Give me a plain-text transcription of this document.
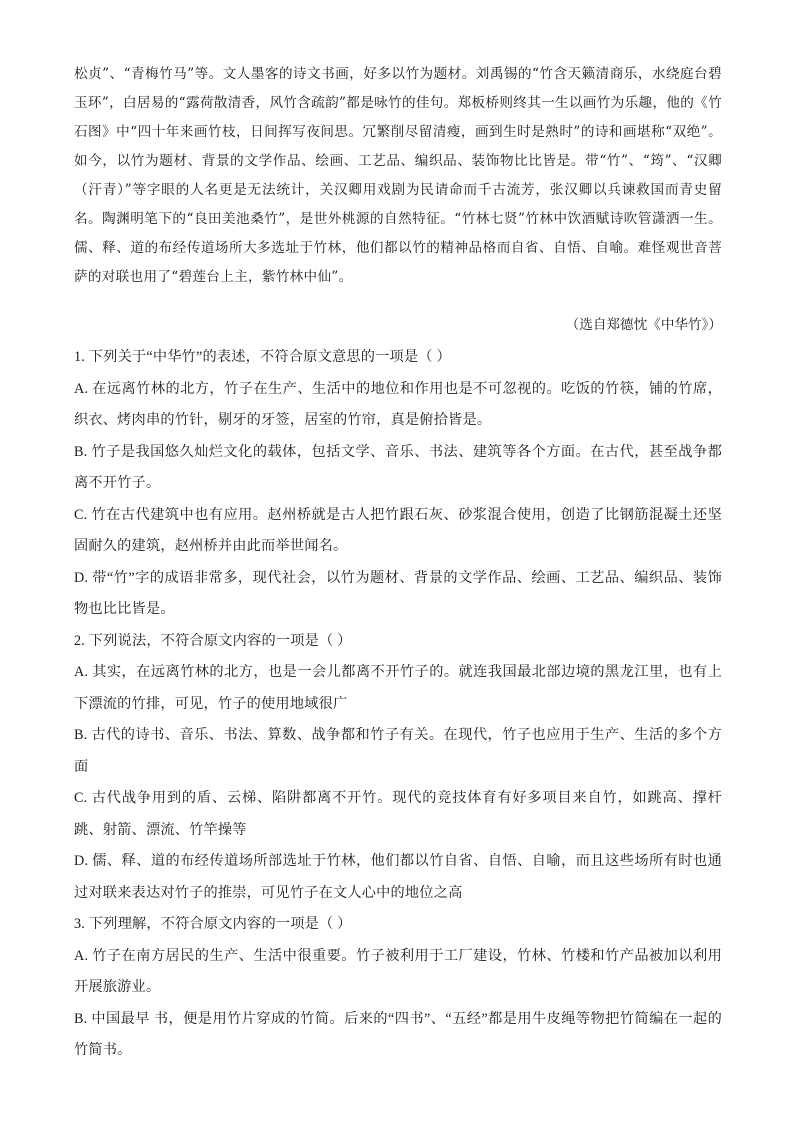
松贞”、“青梅竹马”等。文人墨客的诗文书画，好多以竹为题材。刘禹锡的“竹含天籁清商乐，水绕庭台碧玉环”，白居易的“露荷散清香，风竹含疏韵”都是咏竹的佳句。郑板桥则终其一生以画竹为乐趣，他的《竹石图》中“四十年来画竹枝，日间挥写夜间思。冗繁削尽留清瘦，画到生时是熟时”的诗和画堪称“双绝”。如今，以竹为题材、背景的文学作品、绘画、工艺品、编织品、装饰物比比皆是。带“竹”、“筠”、“汉卿（汗青）”等字眼的人名更是无法统计，关汉卿用戏剧为民请命而千古流芳，张汉卿以兵谏救国而青史留名。陶渊明笔下的“良田美池桑竹”，是世外桃源的自然特征。“竹林七贤”竹林中饮酒赋诗吹管潇洒一生。儒、释、道的布经传道场所大多选址于竹林，他们都以竹的精神品格而自省、自悟、自喻。难怪观世音菩萨的对联也用了“碧莲台上主，紫竹林中仙”。

（选自郑德忱《中华竹》）

1. 下列关于“中华竹”的表述，不符合原文意思的一项是（ ）

A. 在远离竹林的北方，竹子在生产、生活中的地位和作用也是不可忽视的。吃饭的竹筷，铺的竹席，织衣、烤肉串的竹针，剔牙的牙签，居室的竹帘，真是俯拾皆是。

B. 竹子是我国悠久灿烂文化的载体，包括文学、音乐、书法、建筑等各个方面。在古代，甚至战争都离不开竹子。

C. 竹在古代建筑中也有应用。赵州桥就是古人把竹跟石灰、砂浆混合使用，创造了比钢筋混凝土还坚固耐久的建筑，赵州桥并由此而举世闻名。

D. 带“竹”字的成语非常多，现代社会，以竹为题材、背景的文学作品、绘画、工艺品、编织品、装饰物也比比皆是。

2. 下列说法，不符合原文内容的一项是（ ）

A. 其实，在远离竹林的北方，也是一会儿都离不开竹子的。就连我国最北部边境的黑龙江里，也有上下漂流的竹排，可见，竹子的使用地域很广

B. 古代的诗书、音乐、书法、算数、战争都和竹子有关。在现代，竹子也应用于生产、生活的多个方面

C. 古代战争用到的盾、云梯、陷阱都离不开竹。现代的竞技体育有好多项目来自竹，如跳高、撑杆跳、射箭、漂流、竹竿操等

D. 儒、释、道的布经传道场所部选址于竹林，他们都以竹自省、自悟、自喻，而且这些场所有时也通过对联来表达对竹子的推崇，可见竹子在文人心中的地位之高

3. 下列理解，不符合原文内容的一项是（ ）

A. 竹子在南方居民的生产、生活中很重要。竹子被利用于工厂建设，竹林、竹楼和竹产品被加以利用开展旅游业。

B. 中国最早 书，便是用竹片穿成的竹简。后来的“四书”、“五经”都是用牛皮绳等物把竹简编在一起的竹简书。
